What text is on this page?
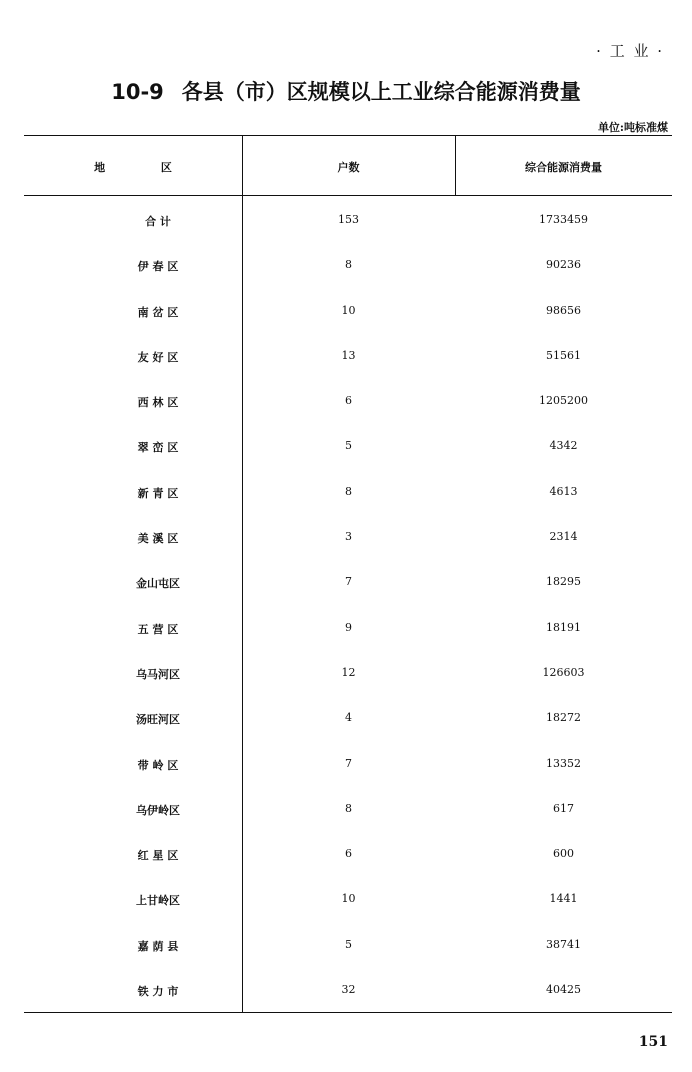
· 工 业 ·
10-9 各县（市）区规模以上工业综合能源消费量
单位:吨标准煤
地 区	户数	综合能源消费量
合 计	153	1733459
伊 春 区	8	90236
南 岔 区	10	98656
友 好 区	13	51561
西 林 区	6	1205200
翠 峦 区	5	4342
新 青 区	8	4613
美 溪 区	3	2314
金山屯区	7	18295
五 营 区	9	18191
乌马河区	12	126603
汤旺河区	4	18272
带 岭 区	7	13352
乌伊岭区	8	617
红 星 区	6	600
上甘岭区	10	1441
嘉 荫 县	5	38741
铁 力 市	32	40425
151
